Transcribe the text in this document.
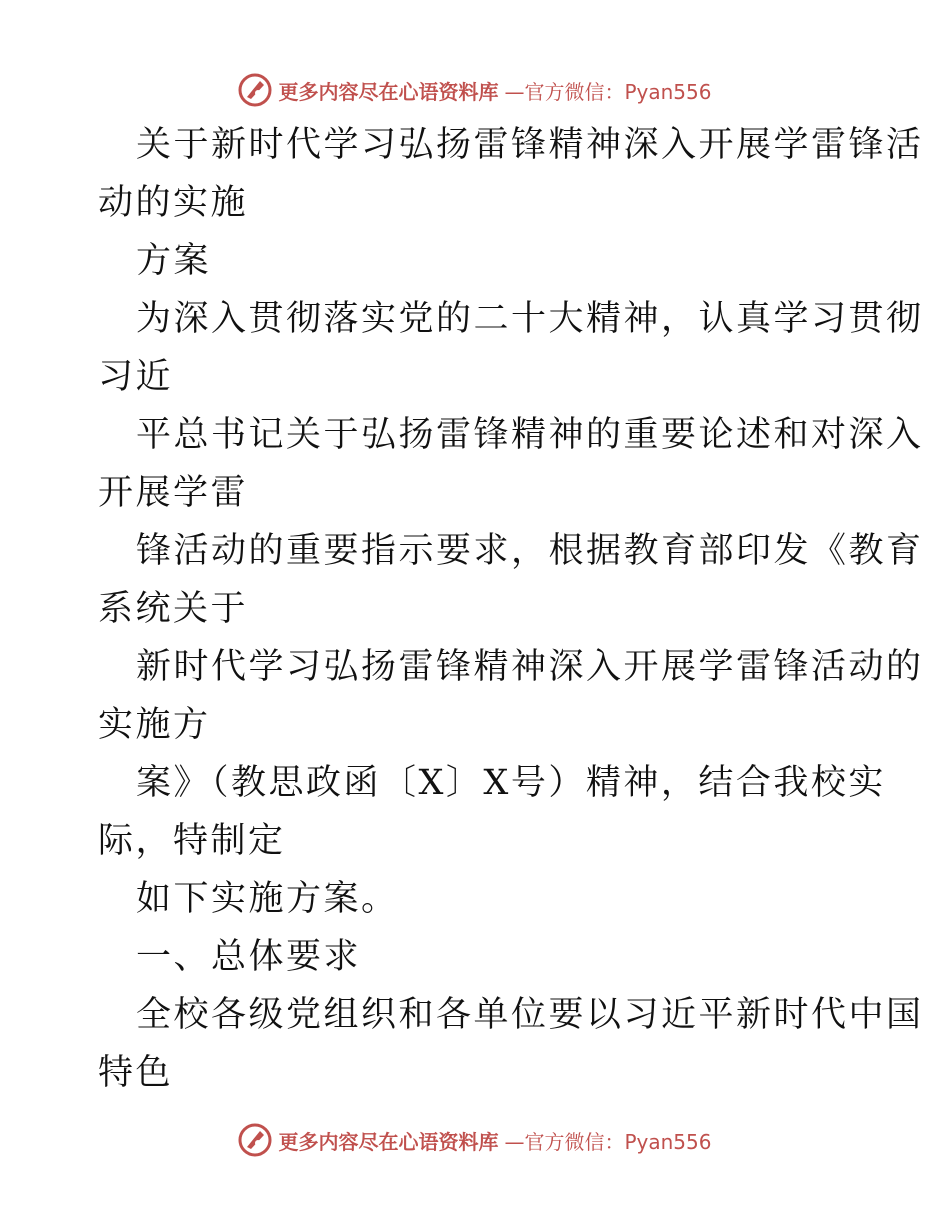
更多内容尽在心语资料库 —官方微信：Pyan556
关于新时代学习弘扬雷锋精神深入开展学雷锋活
动的实施
方案
为深入贯彻落实党的二十大精神，认真学习贯彻
习近
平总书记关于弘扬雷锋精神的重要论述和对深入
开展学雷
锋活动的重要指示要求，根据教育部印发《教育
系统关于
新时代学习弘扬雷锋精神深入开展学雷锋活动的
实施方
案》（教思政函〔X〕X号）精神，结合我校实
际，特制定
如下实施方案。
一、总体要求
全校各级党组织和各单位要以习近平新时代中国
特色
更多内容尽在心语资料库 —官方微信：Pyan556
